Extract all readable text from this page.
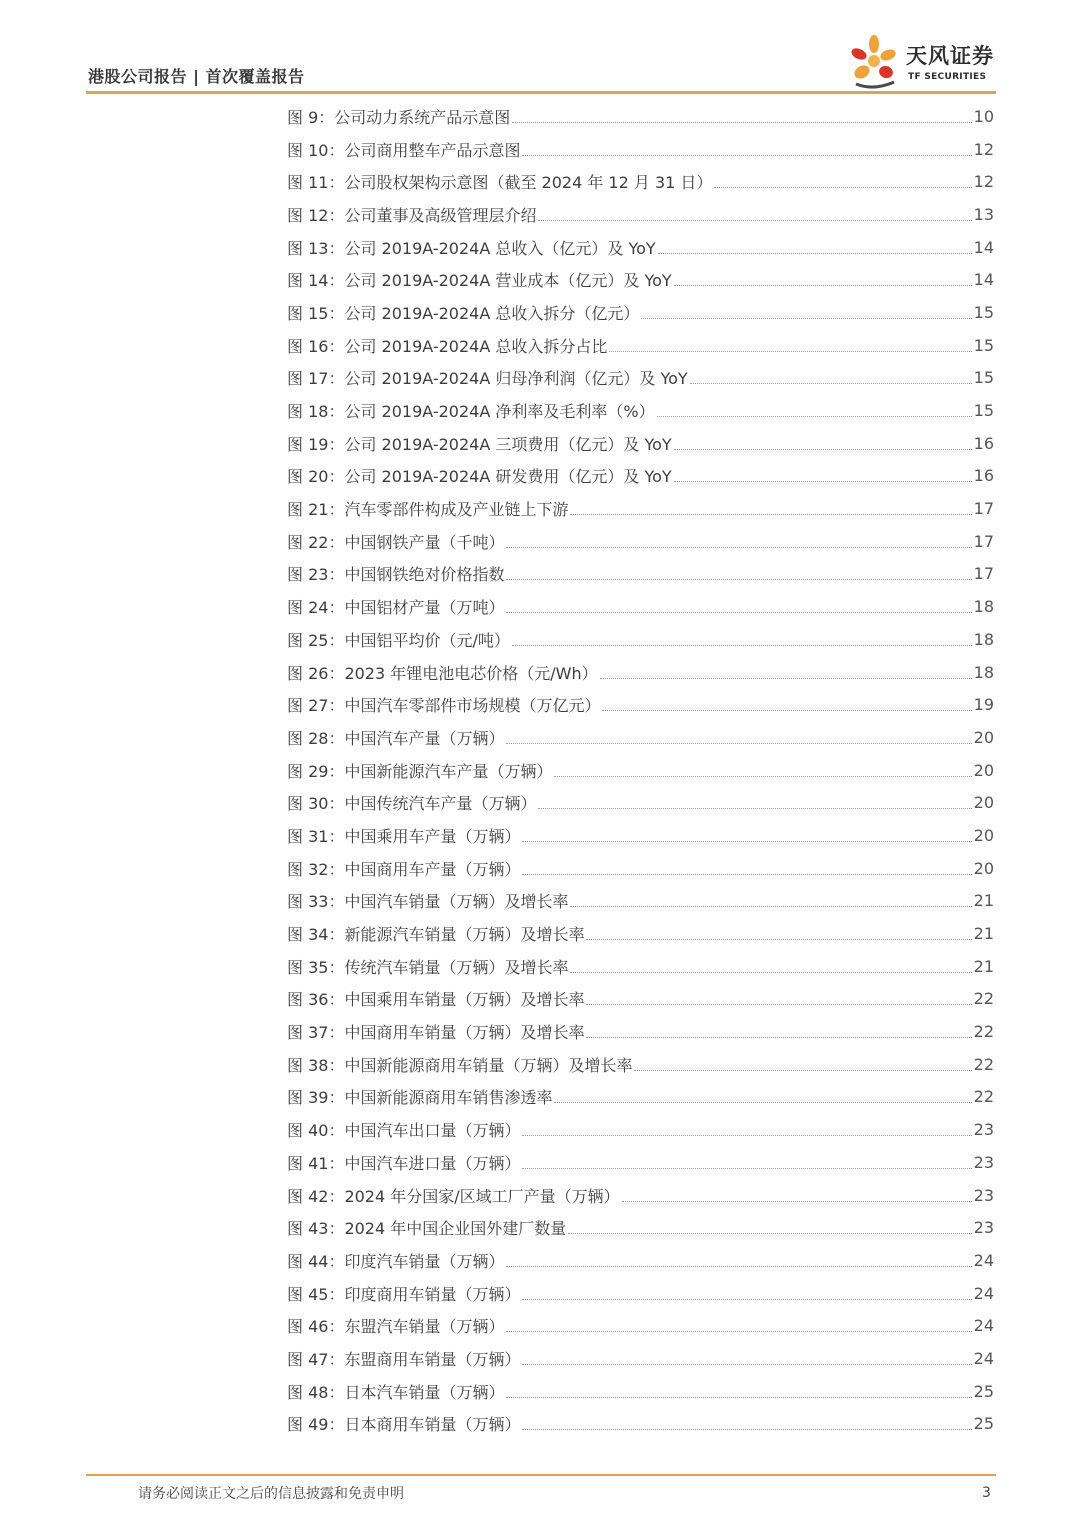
港股公司报告 | 首次覆盖报告
天风证券
TF SECURITIES
图 9：公司动力系统产品示意图	10
图 10：公司商用整车产品示意图	12
图 11：公司股权架构示意图（截至 2024 年 12 月 31 日）	12
图 12：公司董事及高级管理层介绍	13
图 13：公司 2019A-2024A 总收入（亿元）及 YoY	14
图 14：公司 2019A-2024A 营业成本（亿元）及 YoY	14
图 15：公司 2019A-2024A 总收入拆分（亿元）	15
图 16：公司 2019A-2024A 总收入拆分占比	15
图 17：公司 2019A-2024A 归母净利润（亿元）及 YoY	15
图 18：公司 2019A-2024A 净利率及毛利率（%）	15
图 19：公司 2019A-2024A 三项费用（亿元）及 YoY	16
图 20：公司 2019A-2024A 研发费用（亿元）及 YoY	16
图 21：汽车零部件构成及产业链上下游	17
图 22：中国钢铁产量（千吨）	17
图 23：中国钢铁绝对价格指数	17
图 24：中国铝材产量（万吨）	18
图 25：中国铝平均价（元/吨）	18
图 26：2023 年锂电池电芯价格（元/Wh）	18
图 27：中国汽车零部件市场规模（万亿元）	19
图 28：中国汽车产量（万辆）	20
图 29：中国新能源汽车产量（万辆）	20
图 30：中国传统汽车产量（万辆）	20
图 31：中国乘用车产量（万辆）	20
图 32：中国商用车产量（万辆）	20
图 33：中国汽车销量（万辆）及增长率	21
图 34：新能源汽车销量（万辆）及增长率	21
图 35：传统汽车销量（万辆）及增长率	21
图 36：中国乘用车销量（万辆）及增长率	22
图 37：中国商用车销量（万辆）及增长率	22
图 38：中国新能源商用车销量（万辆）及增长率	22
图 39：中国新能源商用车销售渗透率	22
图 40：中国汽车出口量（万辆）	23
图 41：中国汽车进口量（万辆）	23
图 42：2024 年分国家/区域工厂产量（万辆）	23
图 43：2024 年中国企业国外建厂数量	23
图 44：印度汽车销量（万辆）	24
图 45：印度商用车销量（万辆）	24
图 46：东盟汽车销量（万辆）	24
图 47：东盟商用车销量（万辆）	24
图 48：日本汽车销量（万辆）	25
图 49：日本商用车销量（万辆）	25
请务必阅读正文之后的信息披露和免责申明	3
